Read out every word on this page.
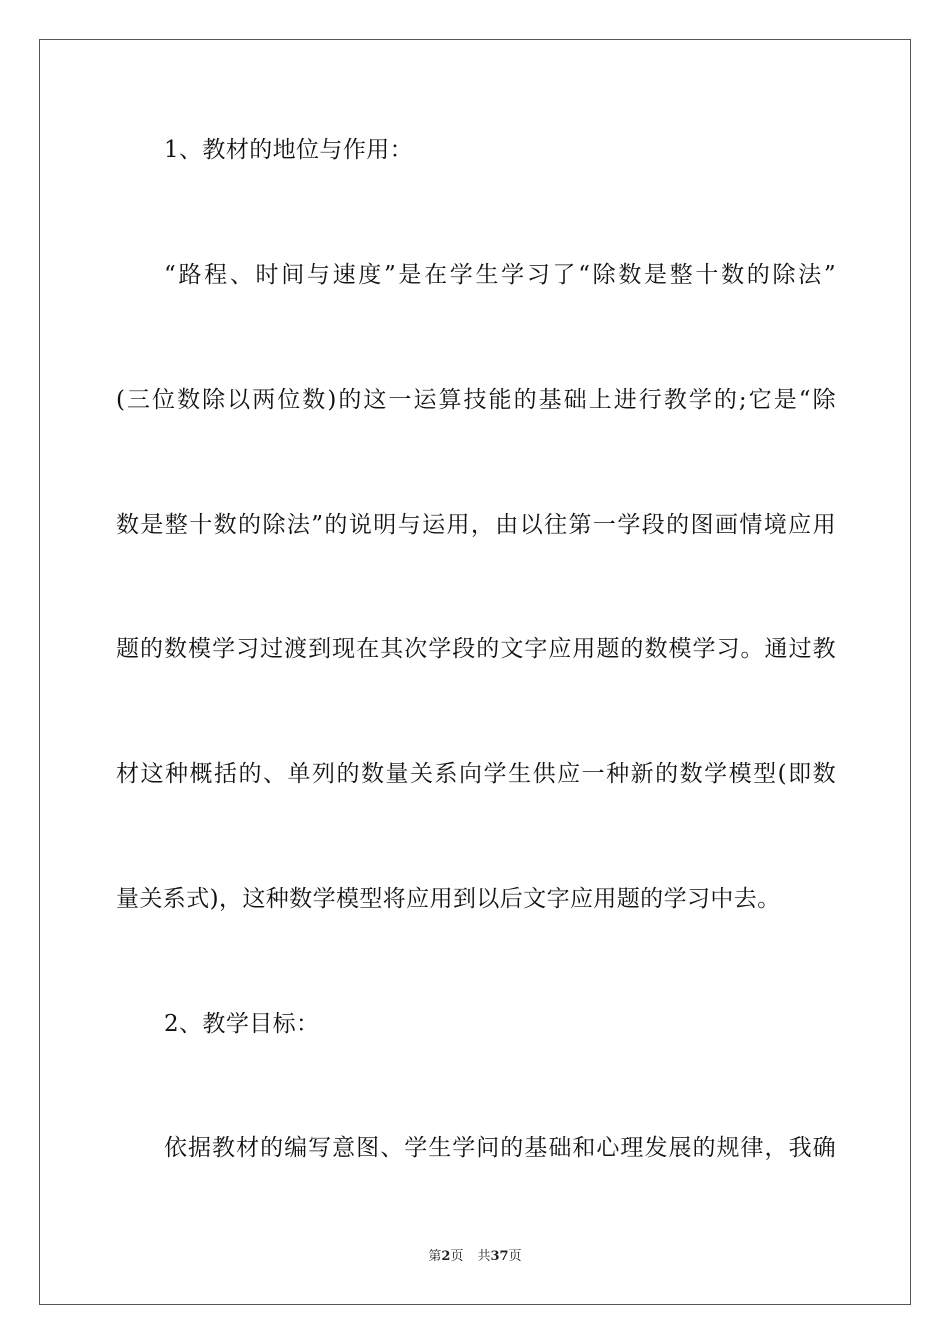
1、教材的地位与作用：
“路程、时间与速度”是在学生学习了“除数是整十数的除法”
(三位数除以两位数)的这一运算技能的基础上进行教学的;它是“除
数是整十数的除法”的说明与运用，由以往第一学段的图画情境应用
题的数模学习过渡到现在其次学段的文字应用题的数模学习。通过教
材这种概括的、单列的数量关系向学生供应一种新的数学模型(即数
量关系式)，这种数学模型将应用到以后文字应用题的学习中去。
2、教学目标：
依据教材的编写意图、学生学问的基础和心理发展的规律，我确
第2页 共37页
